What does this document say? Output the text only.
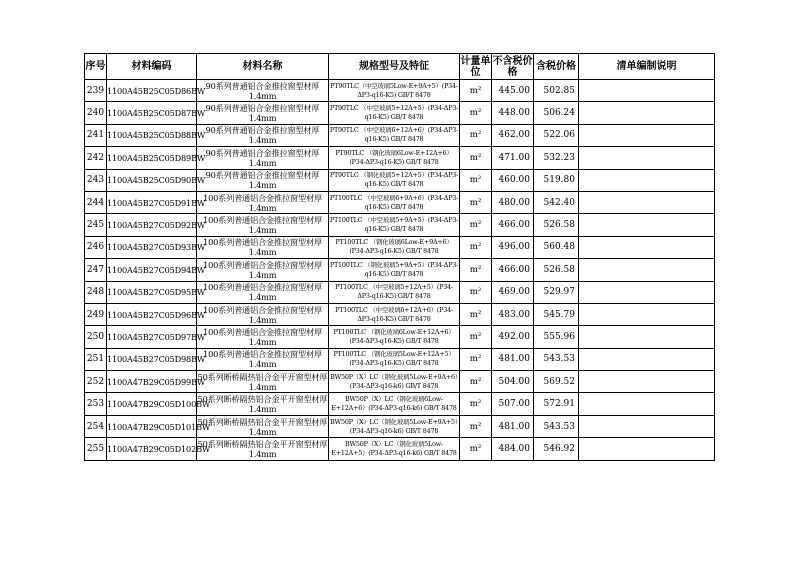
序号	材料编码	材料名称	规格型号及特征	计量单位	不含税价 格	含税价格	清单编制说明
239	1100A45B25C05D86BW	90系列普通铝合金推拉窗型材厚1.4mm	PT90TLC（中空玻璃5Low-E+9A+5）(P34-ΔP3-q16-K5) GB/T 8478	m²	445.00	502.85	
240	1100A45B25C05D87BW	90系列普通铝合金推拉窗型材厚1.4mm	PT90TLC （中空玻璃5+12A+5）(P34-ΔP3-q16-K5) GB/T 8478	m²	448.00	506.24	
241	1100A45B25C05D88BW	90系列普通铝合金推拉窗型材厚1.4mm	PT90TLC （中空玻璃6+12A+6）(P34-ΔP3-q16-K5) GB/T 8478	m²	462.00	522.06	
242	1100A45B25C05D89BW	90系列普通铝合金推拉窗型材厚1.4mm	PT90TLC （钢化玻璃6Low-E+12A+6）(P34-ΔP3-q16-K5) GB/T 8478	m²	471.00	532.23	
243	1100A45B25C05D90BW	90系列普通铝合金推拉窗型材厚1.4mm	PT90TLC （钢化玻璃5+12A+5）(P34-ΔP3-q16-K5) GB/T 8478	m²	460.00	519.80	
244	1100A45B27C05D91BW	100系列普通铝合金推拉窗型材厚1.4mm	PT100TLC （中空玻璃6+9A+6）(P34-ΔP3-q16-K5) GB/T 8478	m²	480.00	542.40	
245	1100A45B27C05D92BW	100系列普通铝合金推拉窗型材厚1.4mm	PT100TLC （中空玻璃5+9A+5）(P34-ΔP3-q16-K5) GB/T 8478	m²	466.00	526.58	
246	1100A45B27C05D93BW	100系列普通铝合金推拉窗型材厚1.4mm	PT100TLC （钢化玻璃6Low-E+9A+6）(P34-ΔP3-q16-K5) GB/T 8478	m²	496.00	560.48	
247	1100A45B27C05D94BW	100系列普通铝合金推拉窗型材厚1.4mm	PT100TLC （钢化玻璃5+9A+5）(P34-ΔP3-q16-K5) GB/T 8478	m²	466.00	526.58	
248	1100A45B27C05D95BW	100系列普通铝合金推拉窗型材厚1.4mm	PT100TLC （中空玻璃5+12A+5）(P34-ΔP3-q16-K5) GB/T 8478	m²	469.00	529.97	
249	1100A45B27C05D96BW	100系列普通铝合金推拉窗型材厚1.4mm	PT100TLC （中空玻璃6+12A+6）(P34-ΔP3-q16-K5) GB/T 8478	m²	483.00	545.79	
250	1100A45B27C05D97BW	100系列普通铝合金推拉窗型材厚1.4mm	PT100TLC （钢化玻璃6Low-E+12A+6）(P34-ΔP3-q16-K5) GB/T 8478	m²	492.00	555.96	
251	1100A45B27C05D98BW	100系列普通铝合金推拉窗型材厚1.4mm	PT100TLC （钢化玻璃5Low-E+12A+5）(P34-ΔP3-q16-K5) GB/T 8478	m²	481.00	543.53	
252	1100A47B29C05D99BW	50系列断桥隔热铝合金平开窗型材厚1.4mm	BW50P（X）LC（钢化玻璃5Low-E+9A+6）(P34-ΔP3-q16-k6) GB/T 8478	m²	504.00	569.52	
253	1100A47B29C05D100BW	50系列断桥隔热铝合金平开窗型材厚1.4mm	BW50P（X）LC（钢化玻璃6Low-E+12A+6）(P34-ΔP3-q16-k6) GB/T 8478	m²	507.00	572.91	
254	1100A47B29C05D101BW	50系列断桥隔热铝合金平开窗型材厚1.4mm	BW50P（X）LC（钢化玻璃5Low-E+9A+5）(P34-ΔP3-q16-k6) GB/T 8478	m²	481.00	543.53	
255	1100A47B29C05D102BW	50系列断桥隔热铝合金平开窗型材厚1.4mm	BW50P（X）LC（钢化玻璃5Low-E+12A+5）(P34-ΔP3-q16-k6) GB/T 8478	m²	484.00	546.92	
